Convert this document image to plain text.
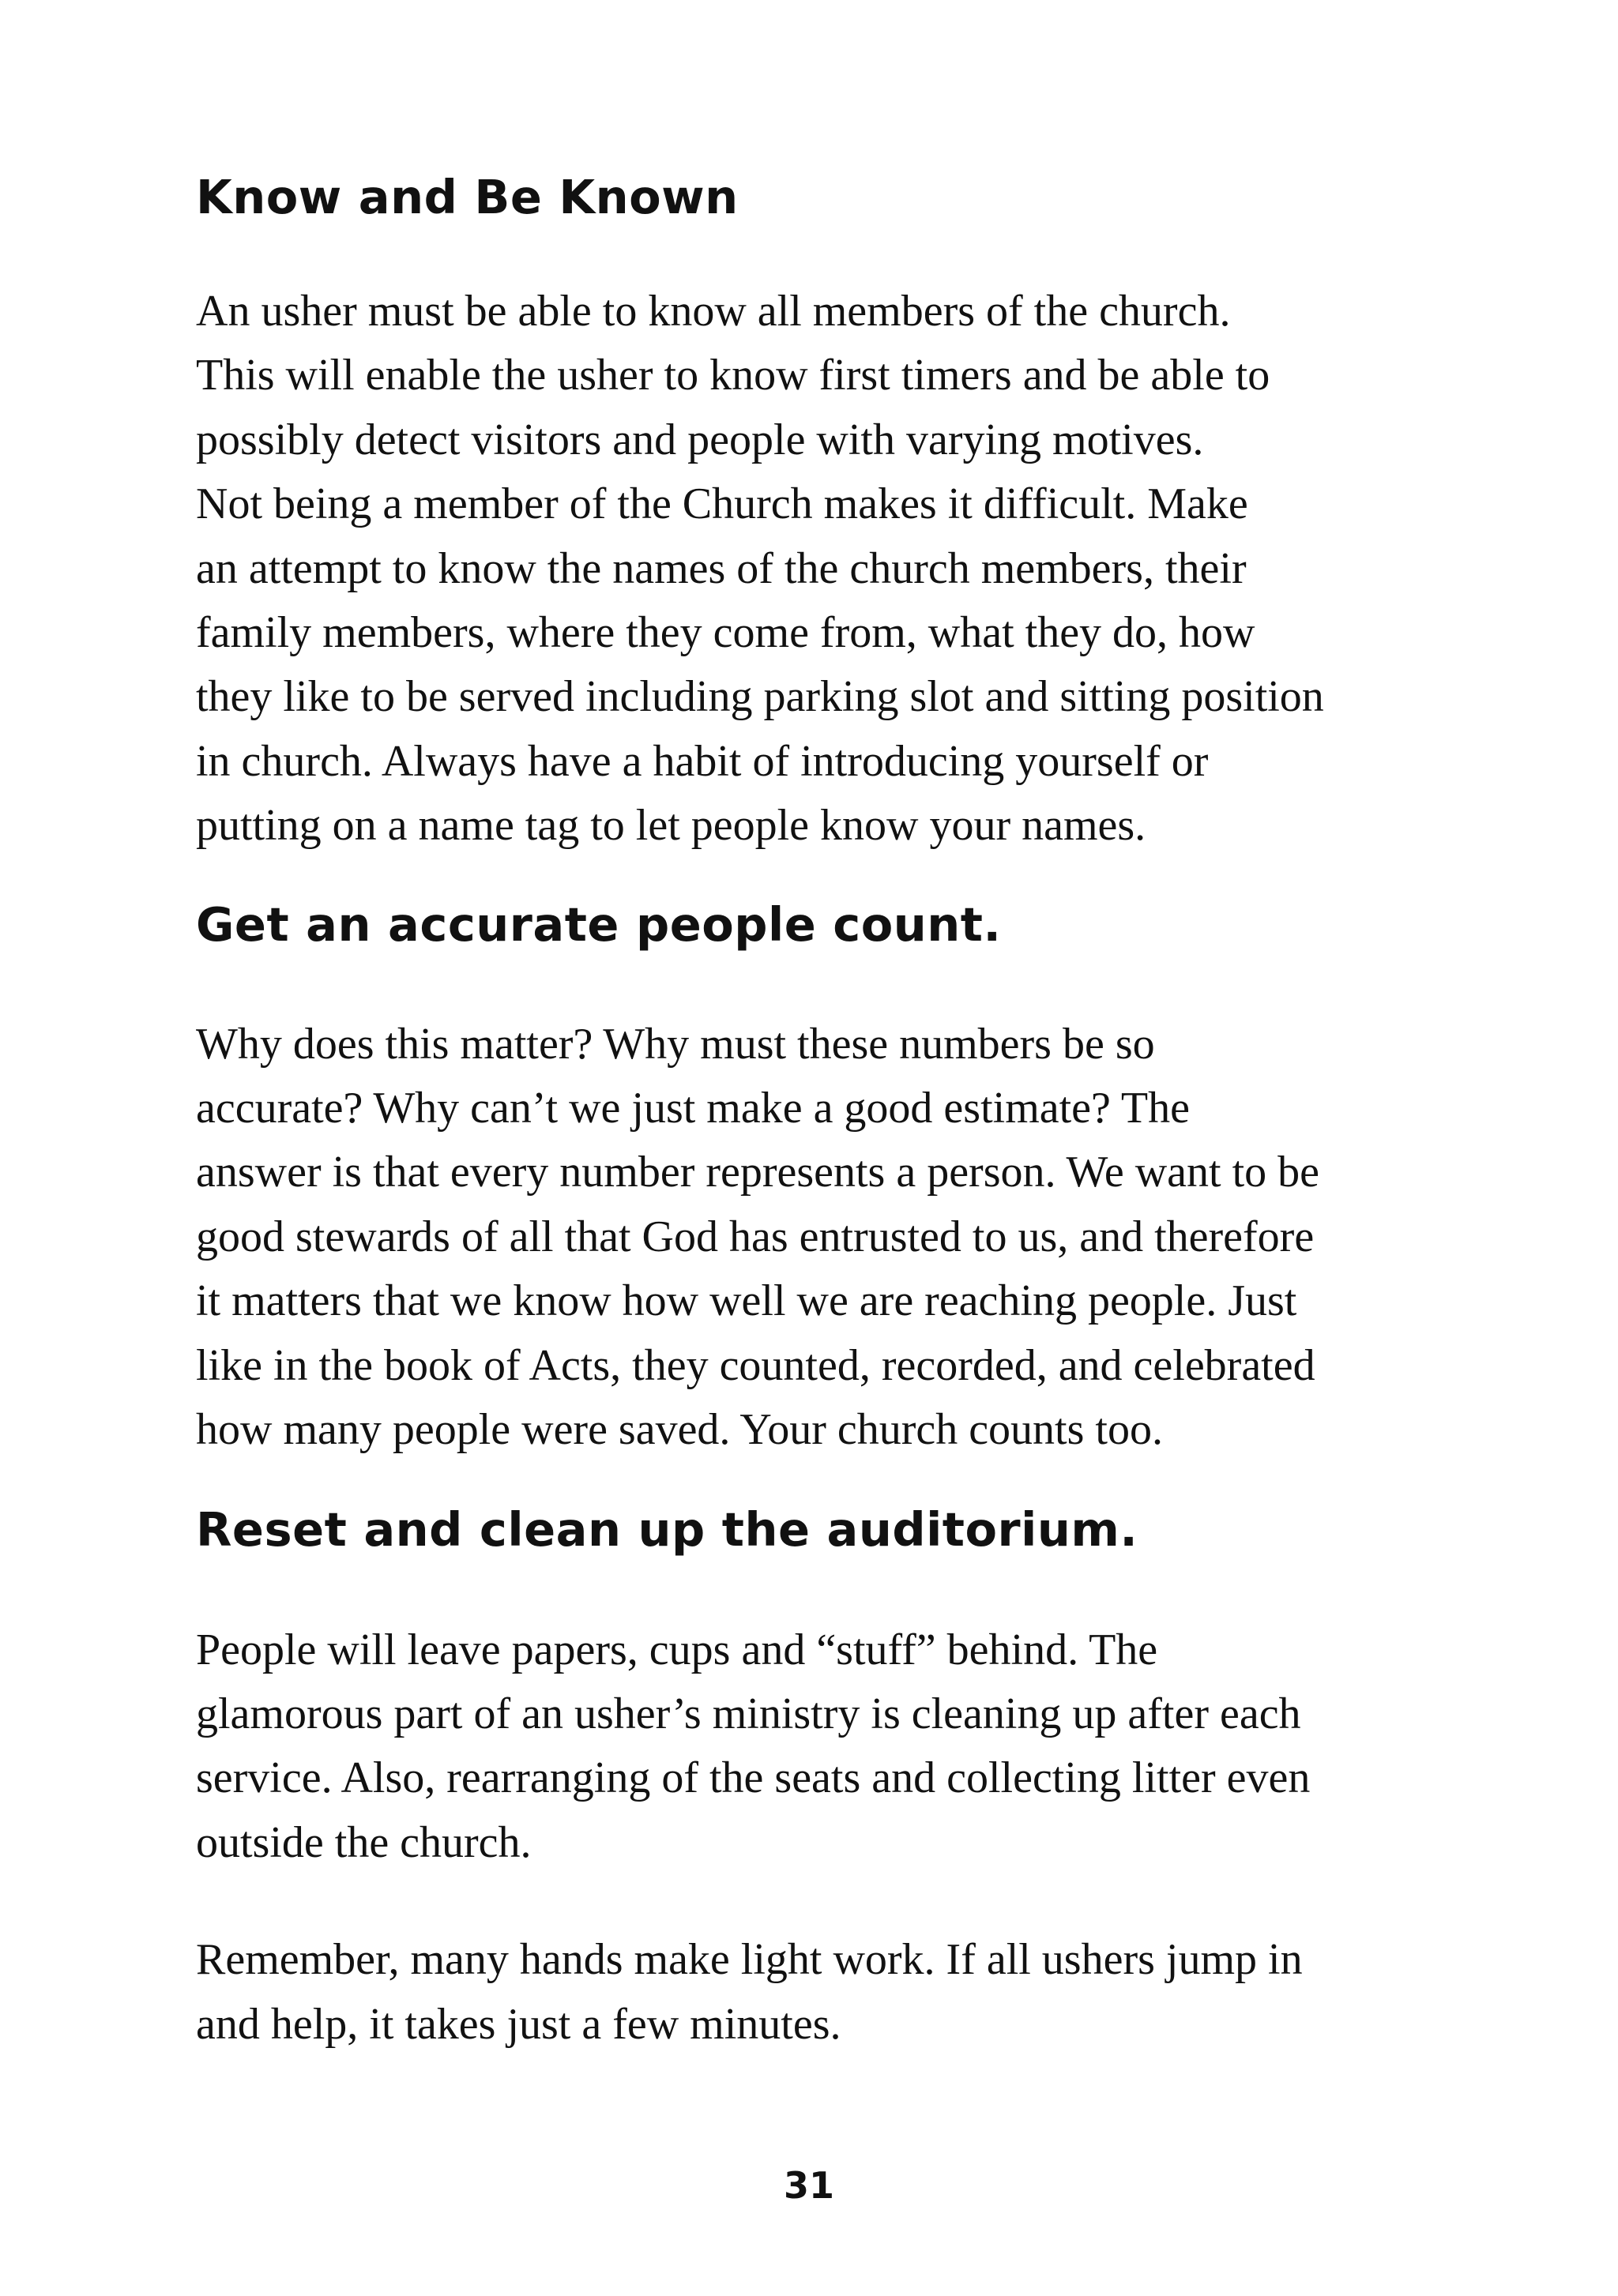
Know and Be Known

An usher must be able to know all members of the church.
This will enable the usher to know first timers and be able to
possibly detect visitors and people with varying motives.
Not being a member of the Church makes it difficult. Make
an attempt to know the names of the church members, their
family members, where they come from, what they do, how
they like to be served including parking slot and sitting position
in church. Always have a habit of introducing yourself or
putting on a name tag to let people know your names.

Get an accurate people count.

Why does this matter? Why must these numbers be so
accurate? Why can’t we just make a good estimate? The
answer is that every number represents a person. We want to be
good stewards of all that God has entrusted to us, and therefore
it matters that we know how well we are reaching people. Just
like in the book of Acts, they counted, recorded, and celebrated
how many people were saved. Your church counts too.

Reset and clean up the auditorium.

People will leave papers, cups and “stuff” behind. The
glamorous part of an usher’s ministry is cleaning up after each
service. Also, rearranging of the seats and collecting litter even
outside the church.

Remember, many hands make light work. If all ushers jump in
and help, it takes just a few minutes.

31
